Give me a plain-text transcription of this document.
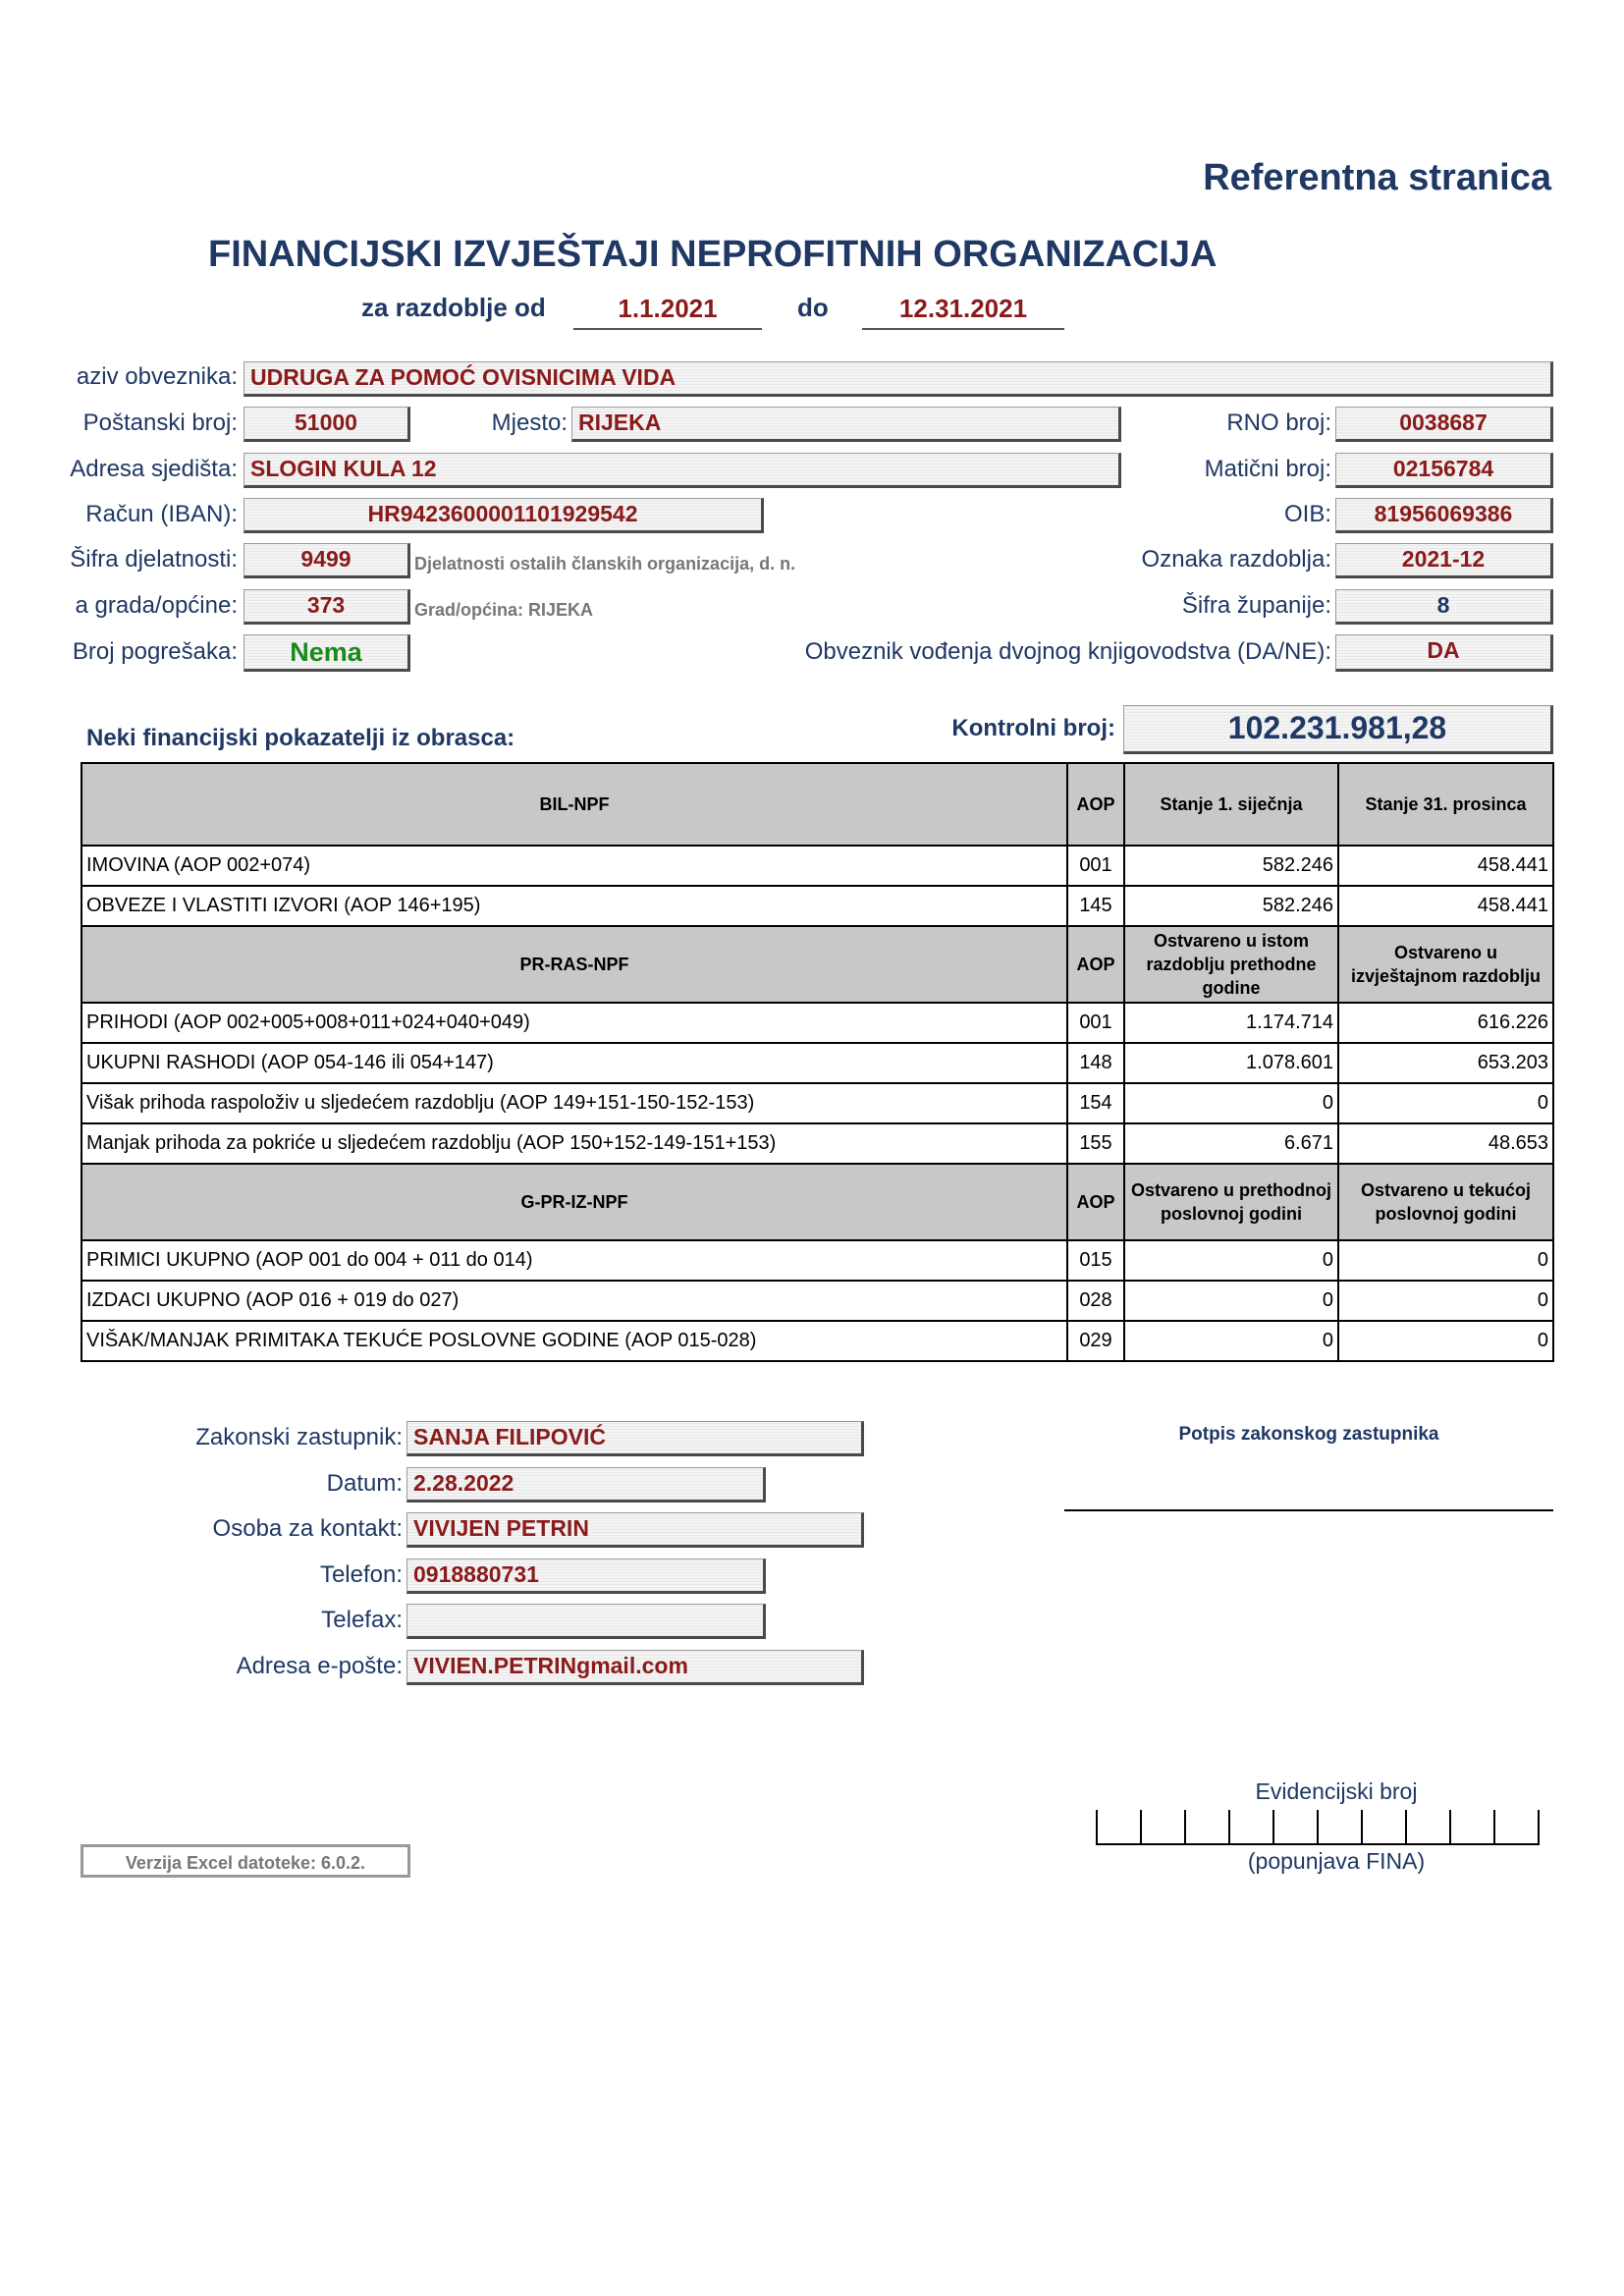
Referentna stranica
FINANCIJSKI IZVJEŠTAJI NEPROFITNIH ORGANIZACIJA
za razdoblje od	1.1.2021	do	12.31.2021
aziv obveznika: UDRUGA ZA POMOĆ OVISNICIMA VIDA
Poštanski broj:	51000	Mjesto: RIJEKA	RNO broj:	0038687
Adresa sjedišta: SLOGIN KULA 12	Matični broj:	02156784
Račun (IBAN):	HR9423600001101929542	OIB:	81956069386
Šifra djelatnosti:	9499	Djelatnosti ostalih članskih organizacija, d. n.	Oznaka razdoblja:	2021-12
a grada/općine:	373	Grad/općina: RIJEKA	Šifra županije:	8
Broj pogrešaka:	Nema	Obveznik vođenja dvojnog knjigovodstva (DA/NE):	DA
Neki financijski pokazatelji iz obrasca:	Kontrolni broj:	102.231.981,28
BIL-NPF	AOP	Stanje 1. siječnja	Stanje 31. prosinca
IMOVINA (AOP 002+074)	001	582.246	458.441
OBVEZE I VLASTITI IZVORI (AOP 146+195)	145	582.246	458.441
PR-RAS-NPF	AOP	Ostvareno u istom razdoblju prethodne godine	Ostvareno u izvještajnom razdoblju
PRIHODI (AOP 002+005+008+011+024+040+049)	001	1.174.714	616.226
UKUPNI RASHODI (AOP 054-146 ili 054+147)	148	1.078.601	653.203
Višak prihoda raspoloživ u sljedećem razdoblju (AOP 149+151-150-152-153)	154	0	0
Manjak prihoda za pokriće u sljedećem razdoblju (AOP 150+152-149-151+153)	155	6.671	48.653
G-PR-IZ-NPF	AOP	Ostvareno u prethodnoj poslovnoj godini	Ostvareno u tekućoj poslovnoj godini
PRIMICI UKUPNO (AOP 001 do 004 + 011 do 014)	015	0	0
IZDACI UKUPNO (AOP 016 + 019 do 027)	028	0	0
VIŠAK/MANJAK PRIMITAKA TEKUĆE POSLOVNE GODINE (AOP 015-028)	029	0	0
Zakonski zastupnik: SANJA FILIPOVIĆ
Datum: 2.28.2022
Osoba za kontakt: VIVIJEN PETRIN
Telefon: 0918880731
Telefax:
Adresa e-pošte: VIVIEN.PETRINgmail.com
Potpis zakonskog zastupnika
Verzija Excel datoteke: 6.0.2.
Evidencijski broj
(popunjava FINA)
